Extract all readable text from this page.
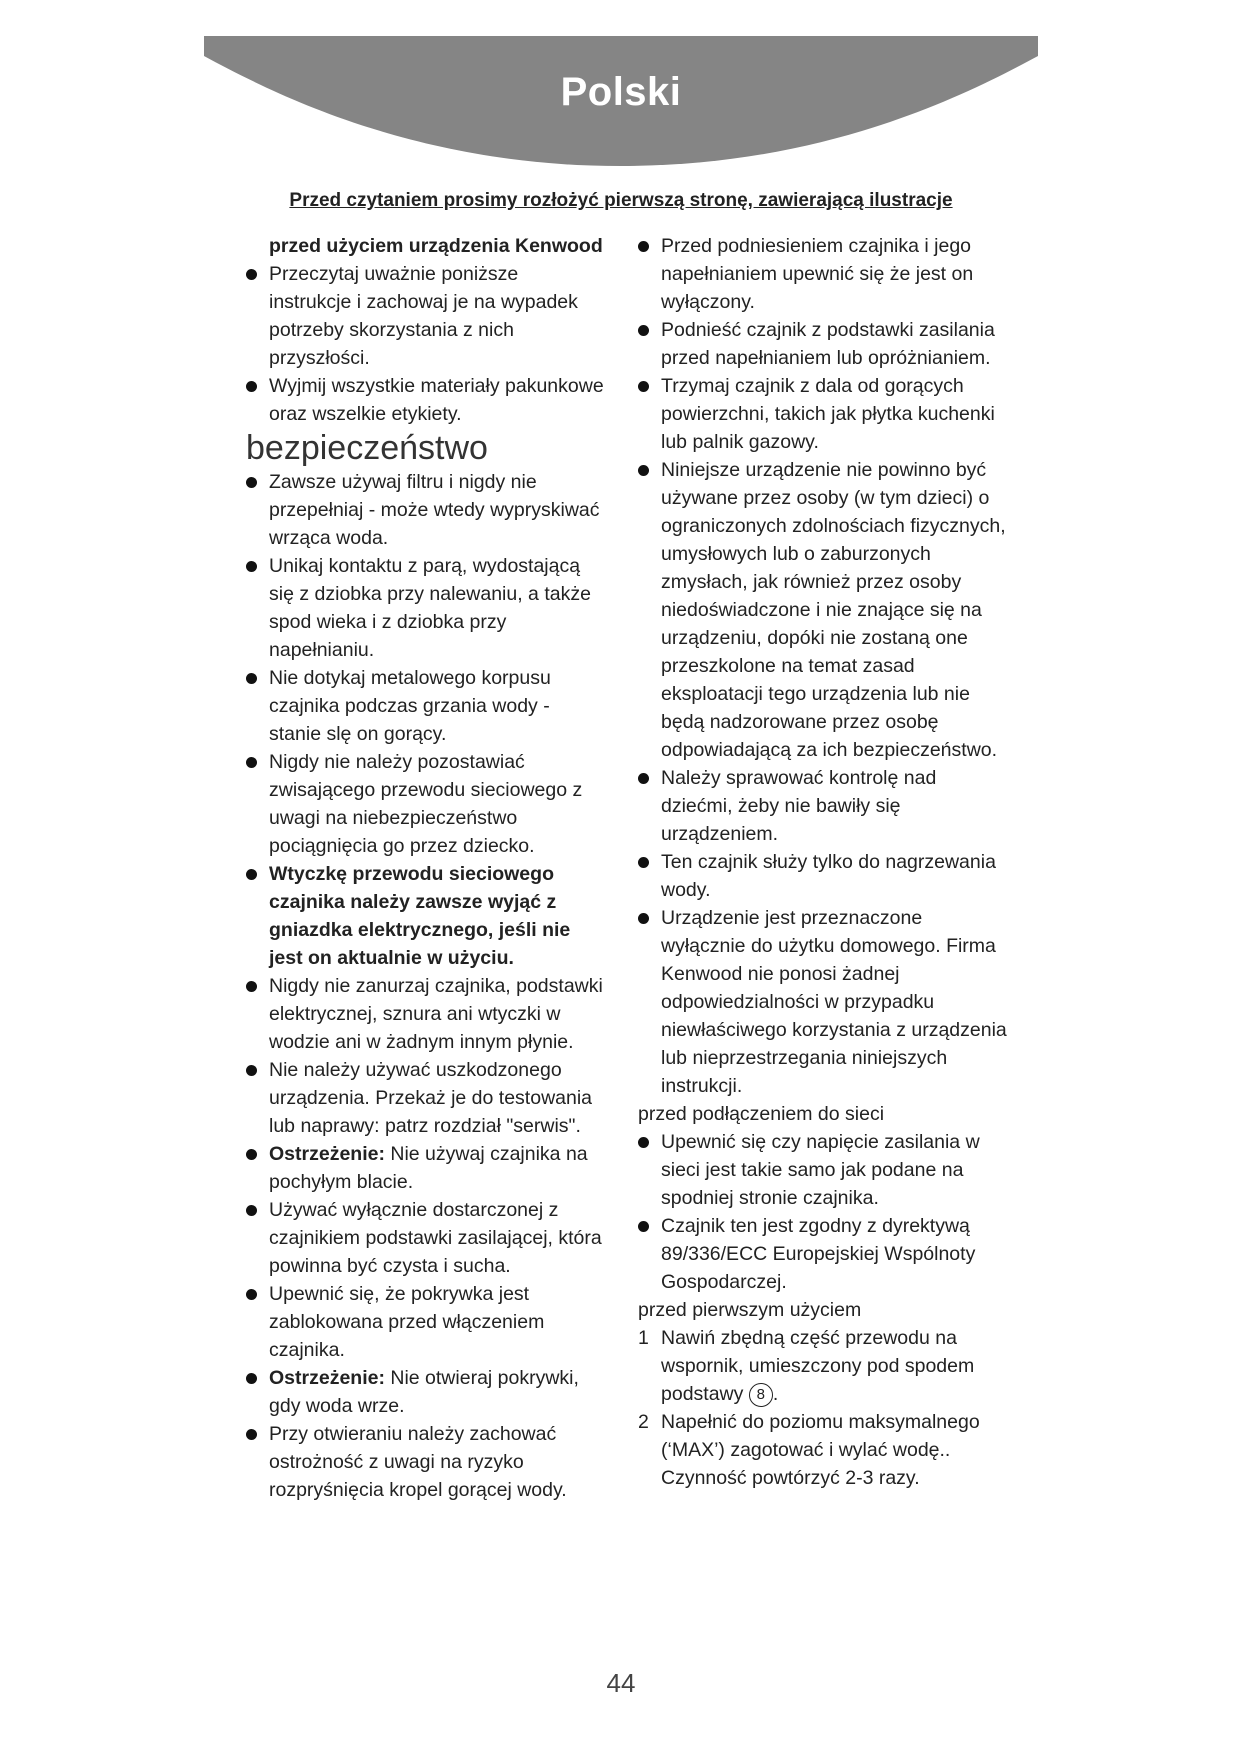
Polski
Przed czytaniem prosimy rozłożyć pierwszą stronę, zawierającą ilustracje
przed użyciem urządzenia Kenwood
Przeczytaj uważnie poniższe instrukcje i zachowaj je na wypadek potrzeby skorzystania z nich przyszłości.
Wyjmij wszystkie materiały pakunkowe oraz wszelkie etykiety.
bezpieczeństwo
Zawsze używaj filtru i nigdy nie przepełniaj - może wtedy wypryskiwać wrząca woda.
Unikaj kontaktu z parą, wydostającą się z dziobka przy nalewaniu, a także spod wieka i z dziobka przy napełnianiu.
Nie dotykaj metalowego korpusu czajnika podczas grzania wody - stanie slę on gorący.
Nigdy nie należy pozostawiać zwisającego przewodu sieciowego z uwagi na niebezpieczeństwo pociągnięcia go przez dziecko.
Wtyczkę przewodu sieciowego czajnika należy zawsze wyjąć z gniazdka elektrycznego, jeśli nie jest on aktualnie w użyciu.
Nigdy nie zanurzaj czajnika, podstawki elektrycznej, sznura ani wtyczki w wodzie ani w żadnym innym płynie.
Nie należy używać uszkodzonego urządzenia. Przekaż je do testowania lub naprawy: patrz rozdział "serwis".
Ostrzeżenie: Nie używaj czajnika na pochyłym blacie.
Używać wyłącznie dostarczonej z czajnikiem podstawki zasilającej, która powinna być czysta i sucha.
Upewnić się, że pokrywka jest zablokowana przed włączeniem czajnika.
Ostrzeżenie: Nie otwieraj pokrywki, gdy woda wrze.
Przy otwieraniu należy zachować ostrożność z uwagi na ryzyko rozpryśnięcia kropel gorącej wody.
Przed podniesieniem czajnika i jego napełnianiem upewnić się że jest on wyłączony.
Podnieść czajnik z podstawki zasilania przed napełnianiem lub opróżnianiem.
Trzymaj czajnik z dala od gorących powierzchni, takich jak płytka kuchenki lub palnik gazowy.
Niniejsze urządzenie nie powinno być używane przez osoby (w tym dzieci) o ograniczonych zdolnościach fizycznych, umysłowych lub o zaburzonych zmysłach, jak również przez osoby niedoświadczone i nie znające się na urządzeniu, dopóki nie zostaną one przeszkolone na temat zasad eksploatacji tego urządzenia lub nie będą nadzorowane przez osobę odpowiadającą za ich bezpieczeństwo.
Należy sprawować kontrolę nad dziećmi, żeby nie bawiły się urządzeniem.
Ten czajnik służy tylko do nagrzewania wody.
Urządzenie jest przeznaczone wyłącznie do użytku domowego. Firma Kenwood nie ponosi żadnej odpowiedzialności w przypadku niewłaściwego korzystania z urządzenia lub nieprzestrzegania niniejszych instrukcji.
przed podłączeniem do sieci
Upewnić się czy napięcie zasilania w sieci jest takie samo jak podane na spodniej stronie czajnika.
Czajnik ten jest zgodny z dyrektywą 89/336/ECC Europejskiej Wspólnoty Gospodarczej.
przed pierwszym użyciem
1 Nawiń zbędną część przewodu na wspornik, umieszczony pod spodem podstawy 8 .
2 Napełnić do poziomu maksymalnego (‘MAX’) zagotować i wylać wodę.. Czynność powtórzyć 2-3 razy.
44
